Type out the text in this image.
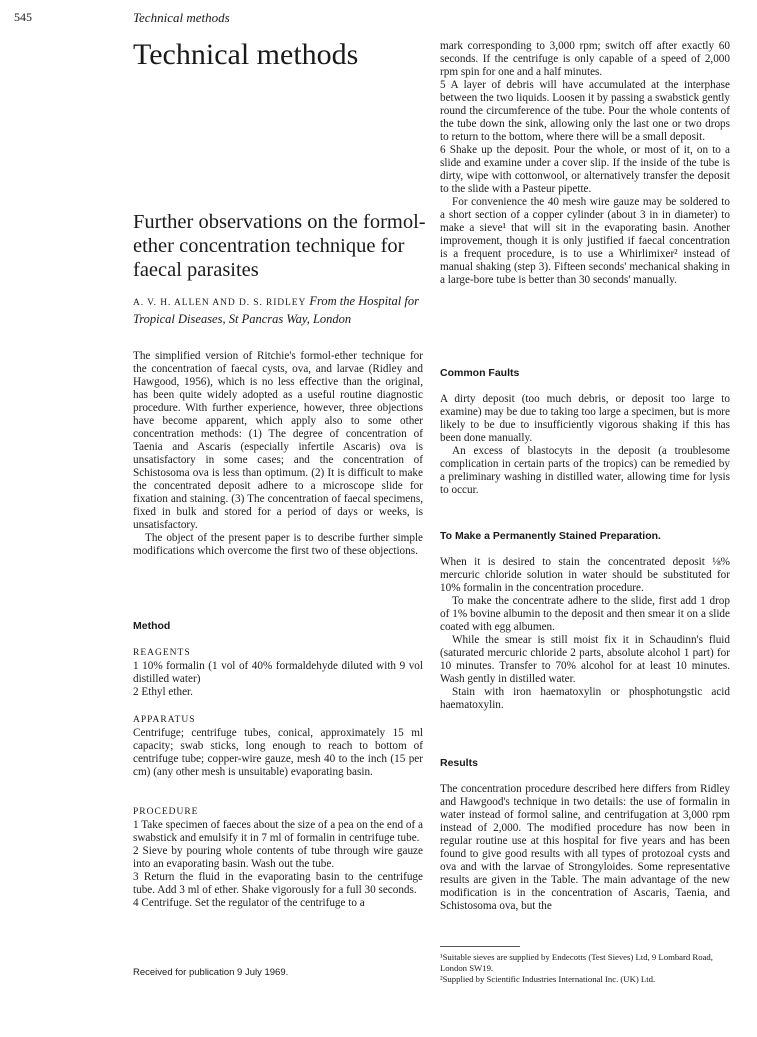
545	Technical methods
Technical methods
Further observations on the formol-ether concentration technique for faecal parasites
A. V. H. ALLEN AND D. S. RIDLEY From the Hospital for Tropical Diseases, St Pancras Way, London

The simplified version of Ritchie's formol-ether technique for the concentration of faecal cysts, ova, and larvae (Ridley and Hawgood, 1956), which is no less effective than the original, has been quite widely adopted as a useful routine diagnostic procedure. With further experience, however, three objections have become apparent, which apply also to some other concentration methods: (1) The degree of concentration of Taenia and Ascaris (especially infertile Ascaris) ova is unsatisfactory in some cases; and the concentration of Schistosoma ova is less than optimum. (2) It is difficult to make the concentrated deposit adhere to a microscope slide for fixation and staining. (3) The concentration of faecal specimens, fixed in bulk and stored for a period of days or weeks, is unsatisfactory.

The object of the present paper is to describe further simple modifications which overcome the first two of these objections.

Method

REAGENTS

1 10% formalin (1 vol of 40% formaldehyde diluted with 9 vol distilled water)

2 Ethyl ether.

APPARATUS

Centrifuge; centrifuge tubes, conical, approximately 15 ml capacity; swab sticks, long enough to reach to bottom of centrifuge tube; copper-wire gauze, mesh 40 to the inch (15 per cm) (any other mesh is unsuitable) evaporating basin.

PROCEDURE

1 Take specimen of faeces about the size of a pea on the end of a swabstick and emulsify it in 7 ml of formalin in centrifuge tube.

2 Sieve by pouring whole contents of tube through wire gauze into an evaporating basin. Wash out the tube.

3 Return the fluid in the evaporating basin to the centrifuge tube. Add 3 ml of ether. Shake vigorously for a full 30 seconds.

4 Centrifuge. Set the regulator of the centrifuge to a

Received for publication 9 July 1969.

mark corresponding to 3,000 rpm; switch off after exactly 60 seconds. If the centrifuge is only capable of a speed of 2,000 rpm spin for one and a half minutes.

5 A layer of debris will have accumulated at the interphase between the two liquids. Loosen it by passing a swabstick gently round the circumference of the tube. Pour the whole contents of the tube down the sink, allowing only the last one or two drops to return to the bottom, where there will be a small deposit.

6 Shake up the deposit. Pour the whole, or most of it, on to a slide and examine under a cover slip. If the inside of the tube is dirty, wipe with cottonwool, or alternatively transfer the deposit to the slide with a Pasteur pipette.

For convenience the 40 mesh wire gauze may be soldered to a short section of a copper cylinder (about 3 in in diameter) to make a sieve¹ that will sit in the evaporating basin. Another improvement, though it is only justified if faecal concentration is a frequent procedure, is to use a Whirlimixer² instead of manual shaking (step 3). Fifteen seconds' mechanical shaking in a large-bore tube is better than 30 seconds' manually.

Common Faults

A dirty deposit (too much debris, or deposit too large to examine) may be due to taking too large a specimen, but is more likely to be due to insufficiently vigorous shaking if this has been done manually.

An excess of blastocyts in the deposit (a troublesome complication in certain parts of the tropics) can be remedied by a preliminary washing in distilled water, allowing time for lysis to occur.

To Make a Permanently Stained Preparation.

When it is desired to stain the concentrated deposit ⅛% mercuric chloride solution in water should be substituted for 10% formalin in the concentration procedure.

To make the concentrate adhere to the slide, first add 1 drop of 1% bovine albumin to the deposit and then smear it on a slide coated with egg albumen.

While the smear is still moist fix it in Schaudinn's fluid (saturated mercuric chloride 2 parts, absolute alcohol 1 part) for 10 minutes. Transfer to 70% alcohol for at least 10 minutes. Wash gently in distilled water.

Stain with iron haematoxylin or phosphotungstic acid haematoxylin.

Results

The concentration procedure described here differs from Ridley and Hawgood's technique in two details: the use of formalin in water instead of formol saline, and centrifugation at 3,000 rpm instead of 2,000. The modified procedure has now been in regular routine use at this hospital for five years and has been found to give good results with all types of protozoal cysts and ova and with the larvae of Strongyloides. Some representative results are given in the Table. The main advantage of the new modification is in the concentration of Ascaris, Taenia, and Schistosoma ova, but the

¹Suitable sieves are supplied by Endecotts (Test Sieves) Ltd, 9 Lombard Road, London SW19.

²Supplied by Scientific Industries International Inc. (UK) Ltd.
